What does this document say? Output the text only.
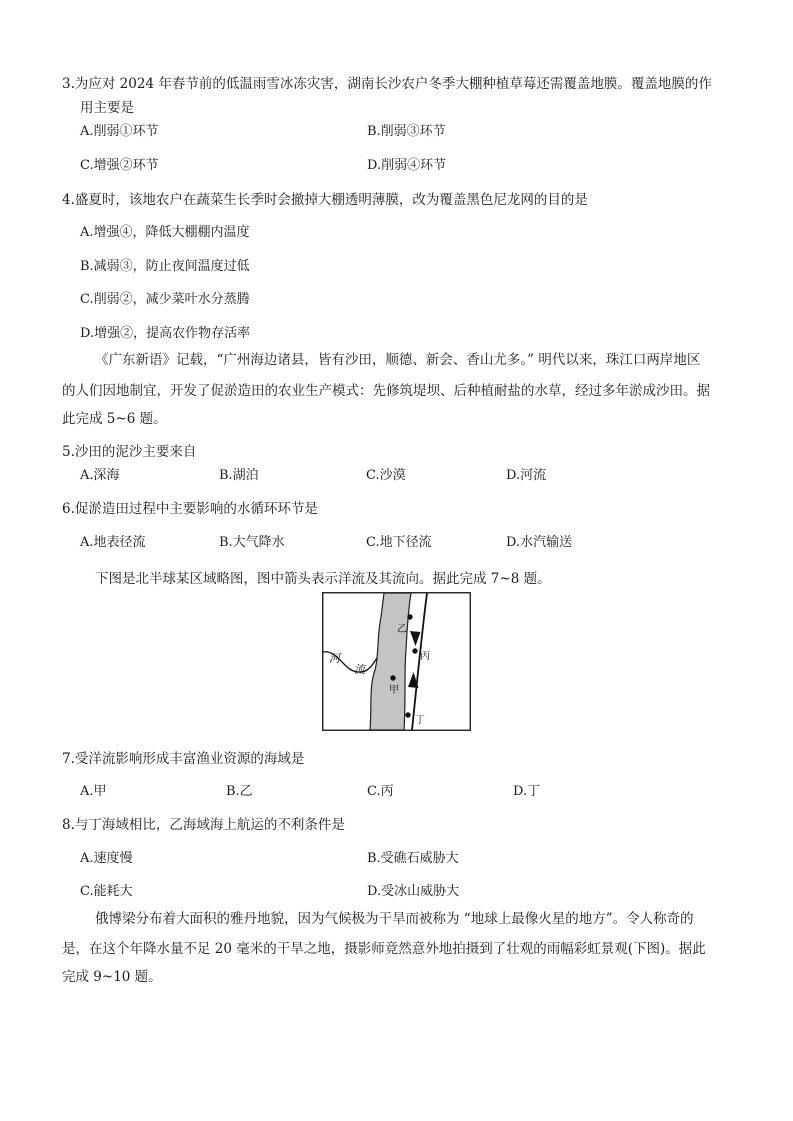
3.为应对 2024 年春节前的低温雨雪冰冻灾害，湖南长沙农户冬季大棚种植草莓还需覆盖地膜。覆盖地膜的作
用主要是
A.削弱①环节	B.削弱③环节
C.增强②环节	D.削弱④环节
4.盛夏时，该地农户在蔬菜生长季时会撤掉大棚透明薄膜，改为覆盖黑色尼龙网的目的是
A.增强④，降低大棚棚内温度
B.减弱③，防止夜间温度过低
C.削弱②，减少菜叶水分蒸腾
D.增强②，提高农作物存活率
《广东新语》记载，“广州海边诸县，皆有沙田，顺德、新会、香山尤多。” 明代以来，珠江口两岸地区
的人们因地制宜，开发了促淤造田的农业生产模式：先修筑堤坝、后种植耐盐的水草，经过多年淤成沙田。据
此完成 5~6 题。
5.沙田的泥沙主要来自
A.深海	B.湖泊	C.沙漠	D.河流
6.促淤造田过程中主要影响的水循环环节是
A.地表径流	B.大气降水	C.地下径流	D.水汽输送
下图是北半球某区域略图，图中箭头表示洋流及其流向。据此完成 7~8 题。
河
流
乙
丙
甲
丁
7.受洋流影响形成丰富渔业资源的海域是
A.甲	B.乙	C.丙	D.丁
8.与丁海域相比，乙海域海上航运的不利条件是
A.速度慢	B.受礁石威胁大
C.能耗大	D.受冰山威胁大
俄博梁分布着大面积的雅丹地貌，因为气候极为干旱而被称为 “地球上最像火星的地方”。令人称奇的
是，在这个年降水量不足 20 毫米的干旱之地，摄影师竟然意外地拍摄到了壮观的雨幅彩虹景观(下图)。据此
完成 9~10 题。
